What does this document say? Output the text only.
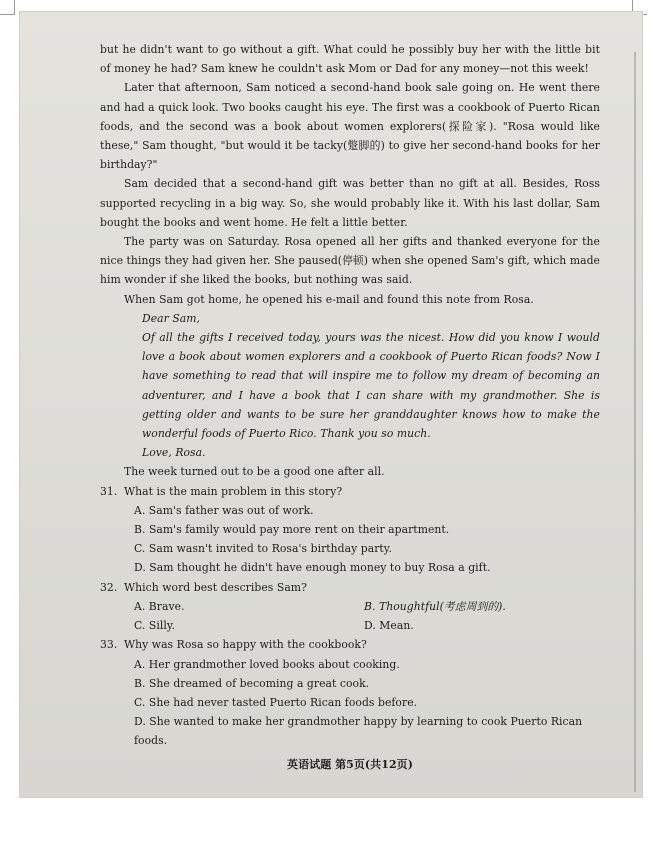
but he didn't want to go without a gift. What could he possibly buy her with the little bit of money he had? Sam knew he couldn't ask Mom or Dad for any money—not this week!

Later that afternoon, Sam noticed a second-hand book sale going on. He went there and had a quick look. Two books caught his eye. The first was a cookbook of Puerto Rican foods, and the second was a book about women explorers(探险家). "Rosa would like these," Sam thought, "but would it be tacky(蹩脚的) to give her second-hand books for her birthday?"

Sam decided that a second-hand gift was better than no gift at all. Besides, Ross supported recycling in a big way. So, she would probably like it. With his last dollar, Sam bought the books and went home. He felt a little better.

The party was on Saturday. Rosa opened all her gifts and thanked everyone for the nice things they had given her. She paused(停顿) when she opened Sam's gift, which made him wonder if she liked the books, but nothing was said.

When Sam got home, he opened his e-mail and found this note from Rosa.

Dear Sam,

Of all the gifts I received today, yours was the nicest. How did you know I would love a book about women explorers and a cookbook of Puerto Rican foods? Now I have something to read that will inspire me to follow my dream of becoming an adventurer, and I have a book that I can share with my grandmother. She is getting older and wants to be sure her granddaughter knows how to make the wonderful foods of Puerto Rico. Thank you so much.

Love, Rosa.

The week turned out to be a good one after all.

31. What is the main problem in this story?

A. Sam's father was out of work.

B. Sam's family would pay more rent on their apartment.

C. Sam wasn't invited to Rosa's birthday party.

D. Sam thought he didn't have enough money to buy Rosa a gift.

32. Which word best describes Sam?

A. Brave.	B. Thoughtful(考虑周到的).
C. Silly.	D. Mean.

33. Why was Rosa so happy with the cookbook?

A. Her grandmother loved books about cooking.

B. She dreamed of becoming a great cook.

C. She had never tasted Puerto Rican foods before.

D. She wanted to make her grandmother happy by learning to cook Puerto Rican foods.

英语试题 第5页(共12页)
